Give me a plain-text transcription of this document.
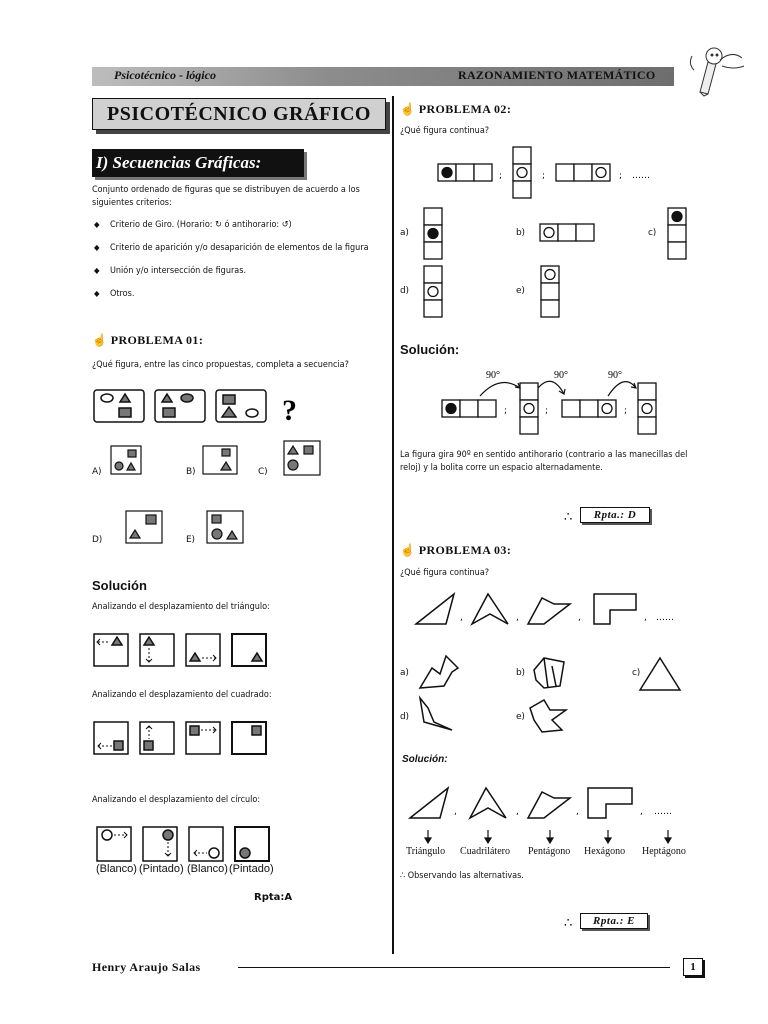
Psicotécnico - lógico	RAZONAMIENTO MATEMÁTICO
PSICOTÉCNICO GRÁFICO
I) Secuencias Gráficas:
Conjunto ordenado de figuras que se distribuyen de acuerdo a los siguientes criterios:
◆ Criterio de Giro. (Horario: ↻ ó antihorario: ↺)
◆ Criterio de aparición y/o desaparición de elementos de la figura
◆ Unión y/o intersección de figuras.
◆ Otros.
☝ PROBLEMA 01:
¿Qué figura, entre las cinco propuestas, completa a secuencia?
?
A)	B)	C)
D)	E)
Solución
Analizando el desplazamiento del triángulo:
Analizando el desplazamiento del cuadrado:
Analizando el desplazamiento del círculo:
(Blanco) (Pintado) (Blanco) (Pintado)
Rpta:A
☝ PROBLEMA 02:
¿Qué figura continua?
;	;	; ……
a)	b)	c)
d)	e)
Solución:
90°	90°	90°
;	;	;
La figura gira 90º en sentido antihorario (contrario a las manecillas del reloj) y la bolita corre un espacio alternadamente.
∴	Rpta.: D
☝ PROBLEMA 03:
¿Qué figura continua?
,	,	,	, ……
a)	b)	c)
d)	e)
Solución:
,	,	,	, ……
Triángulo Cuadrilátero Pentágono Hexágono Heptágono
∴ Observando las alternativas.
∴	Rpta.: E
Henry Araujo Salas	1
